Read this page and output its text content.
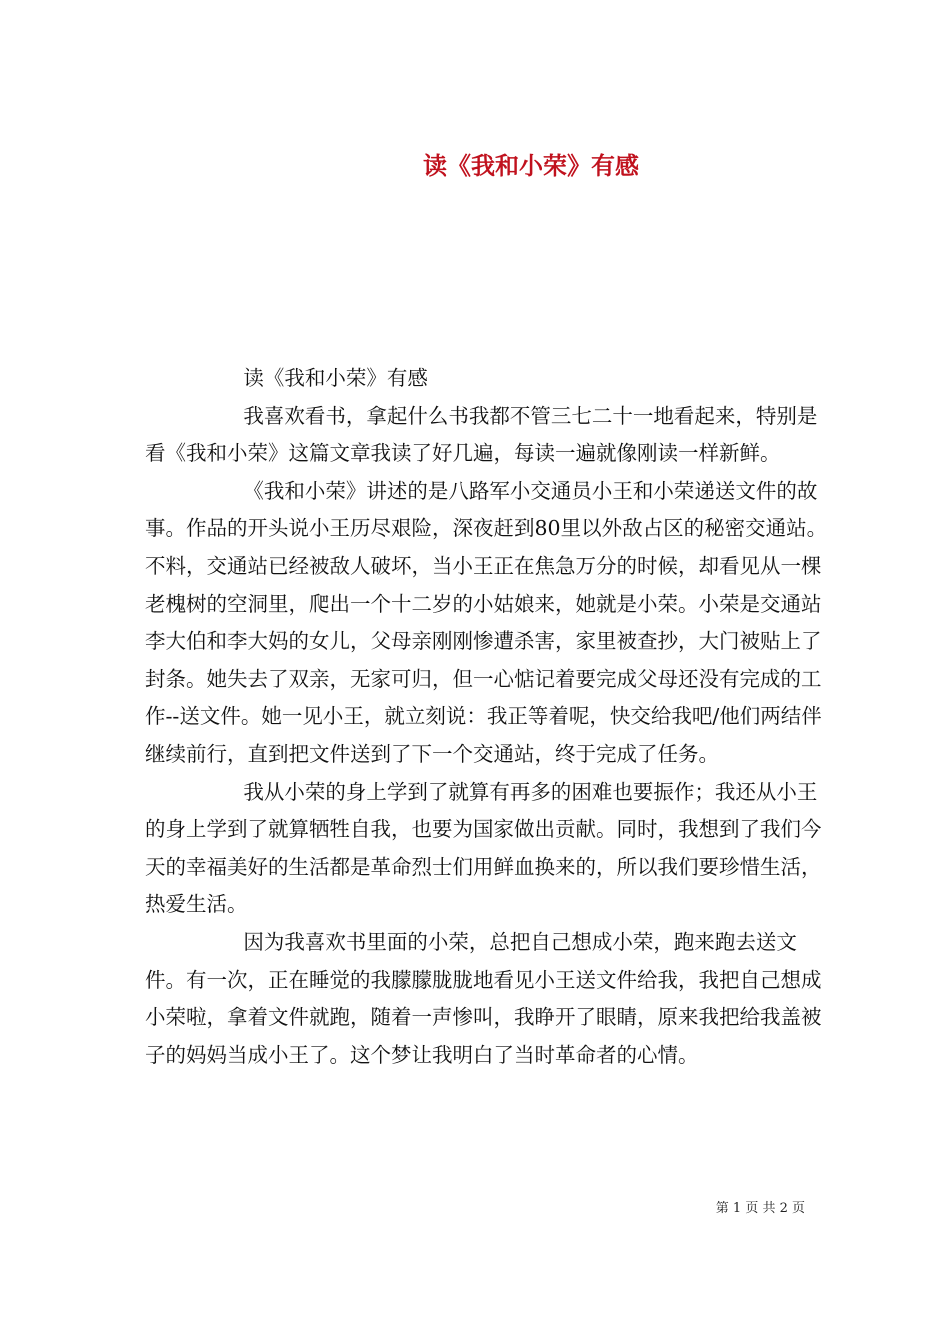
读《我和小荣》有感

读《我和小荣》有感

我喜欢看书，拿起什么书我都不管三七二十一地看起来，特别是看《我和小荣》这篇文章我读了好几遍，每读一遍就像刚读一样新鲜。

《我和小荣》讲述的是八路军小交通员小王和小荣递送文件的故事。作品的开头说小王历尽艰险，深夜赶到80里以外敌占区的秘密交通站。不料，交通站已经被敌人破坏，当小王正在焦急万分的时候，却看见从一棵老槐树的空洞里，爬出一个十二岁的小姑娘来，她就是小荣。小荣是交通站李大伯和李大妈的女儿，父母亲刚刚惨遭杀害，家里被查抄，大门被贴上了封条。她失去了双亲，无家可归，但一心惦记着要完成父母还没有完成的工作--送文件。她一见小王，就立刻说：我正等着呢，快交给我吧/他们两结伴继续前行，直到把文件送到了下一个交通站，终于完成了任务。

我从小荣的身上学到了就算有再多的困难也要振作；我还从小王的身上学到了就算牺牲自我，也要为国家做出贡献。同时，我想到了我们今天的幸福美好的生活都是革命烈士们用鲜血换来的，所以我们要珍惜生活，热爱生活。

因为我喜欢书里面的小荣，总把自己想成小荣，跑来跑去送文件。有一次，正在睡觉的我朦朦胧胧地看见小王送文件给我，我把自己想成小荣啦，拿着文件就跑，随着一声惨叫，我睁开了眼睛，原来我把给我盖被子的妈妈当成小王了。这个梦让我明白了当时革命者的心情。

第 1 页 共 2 页
